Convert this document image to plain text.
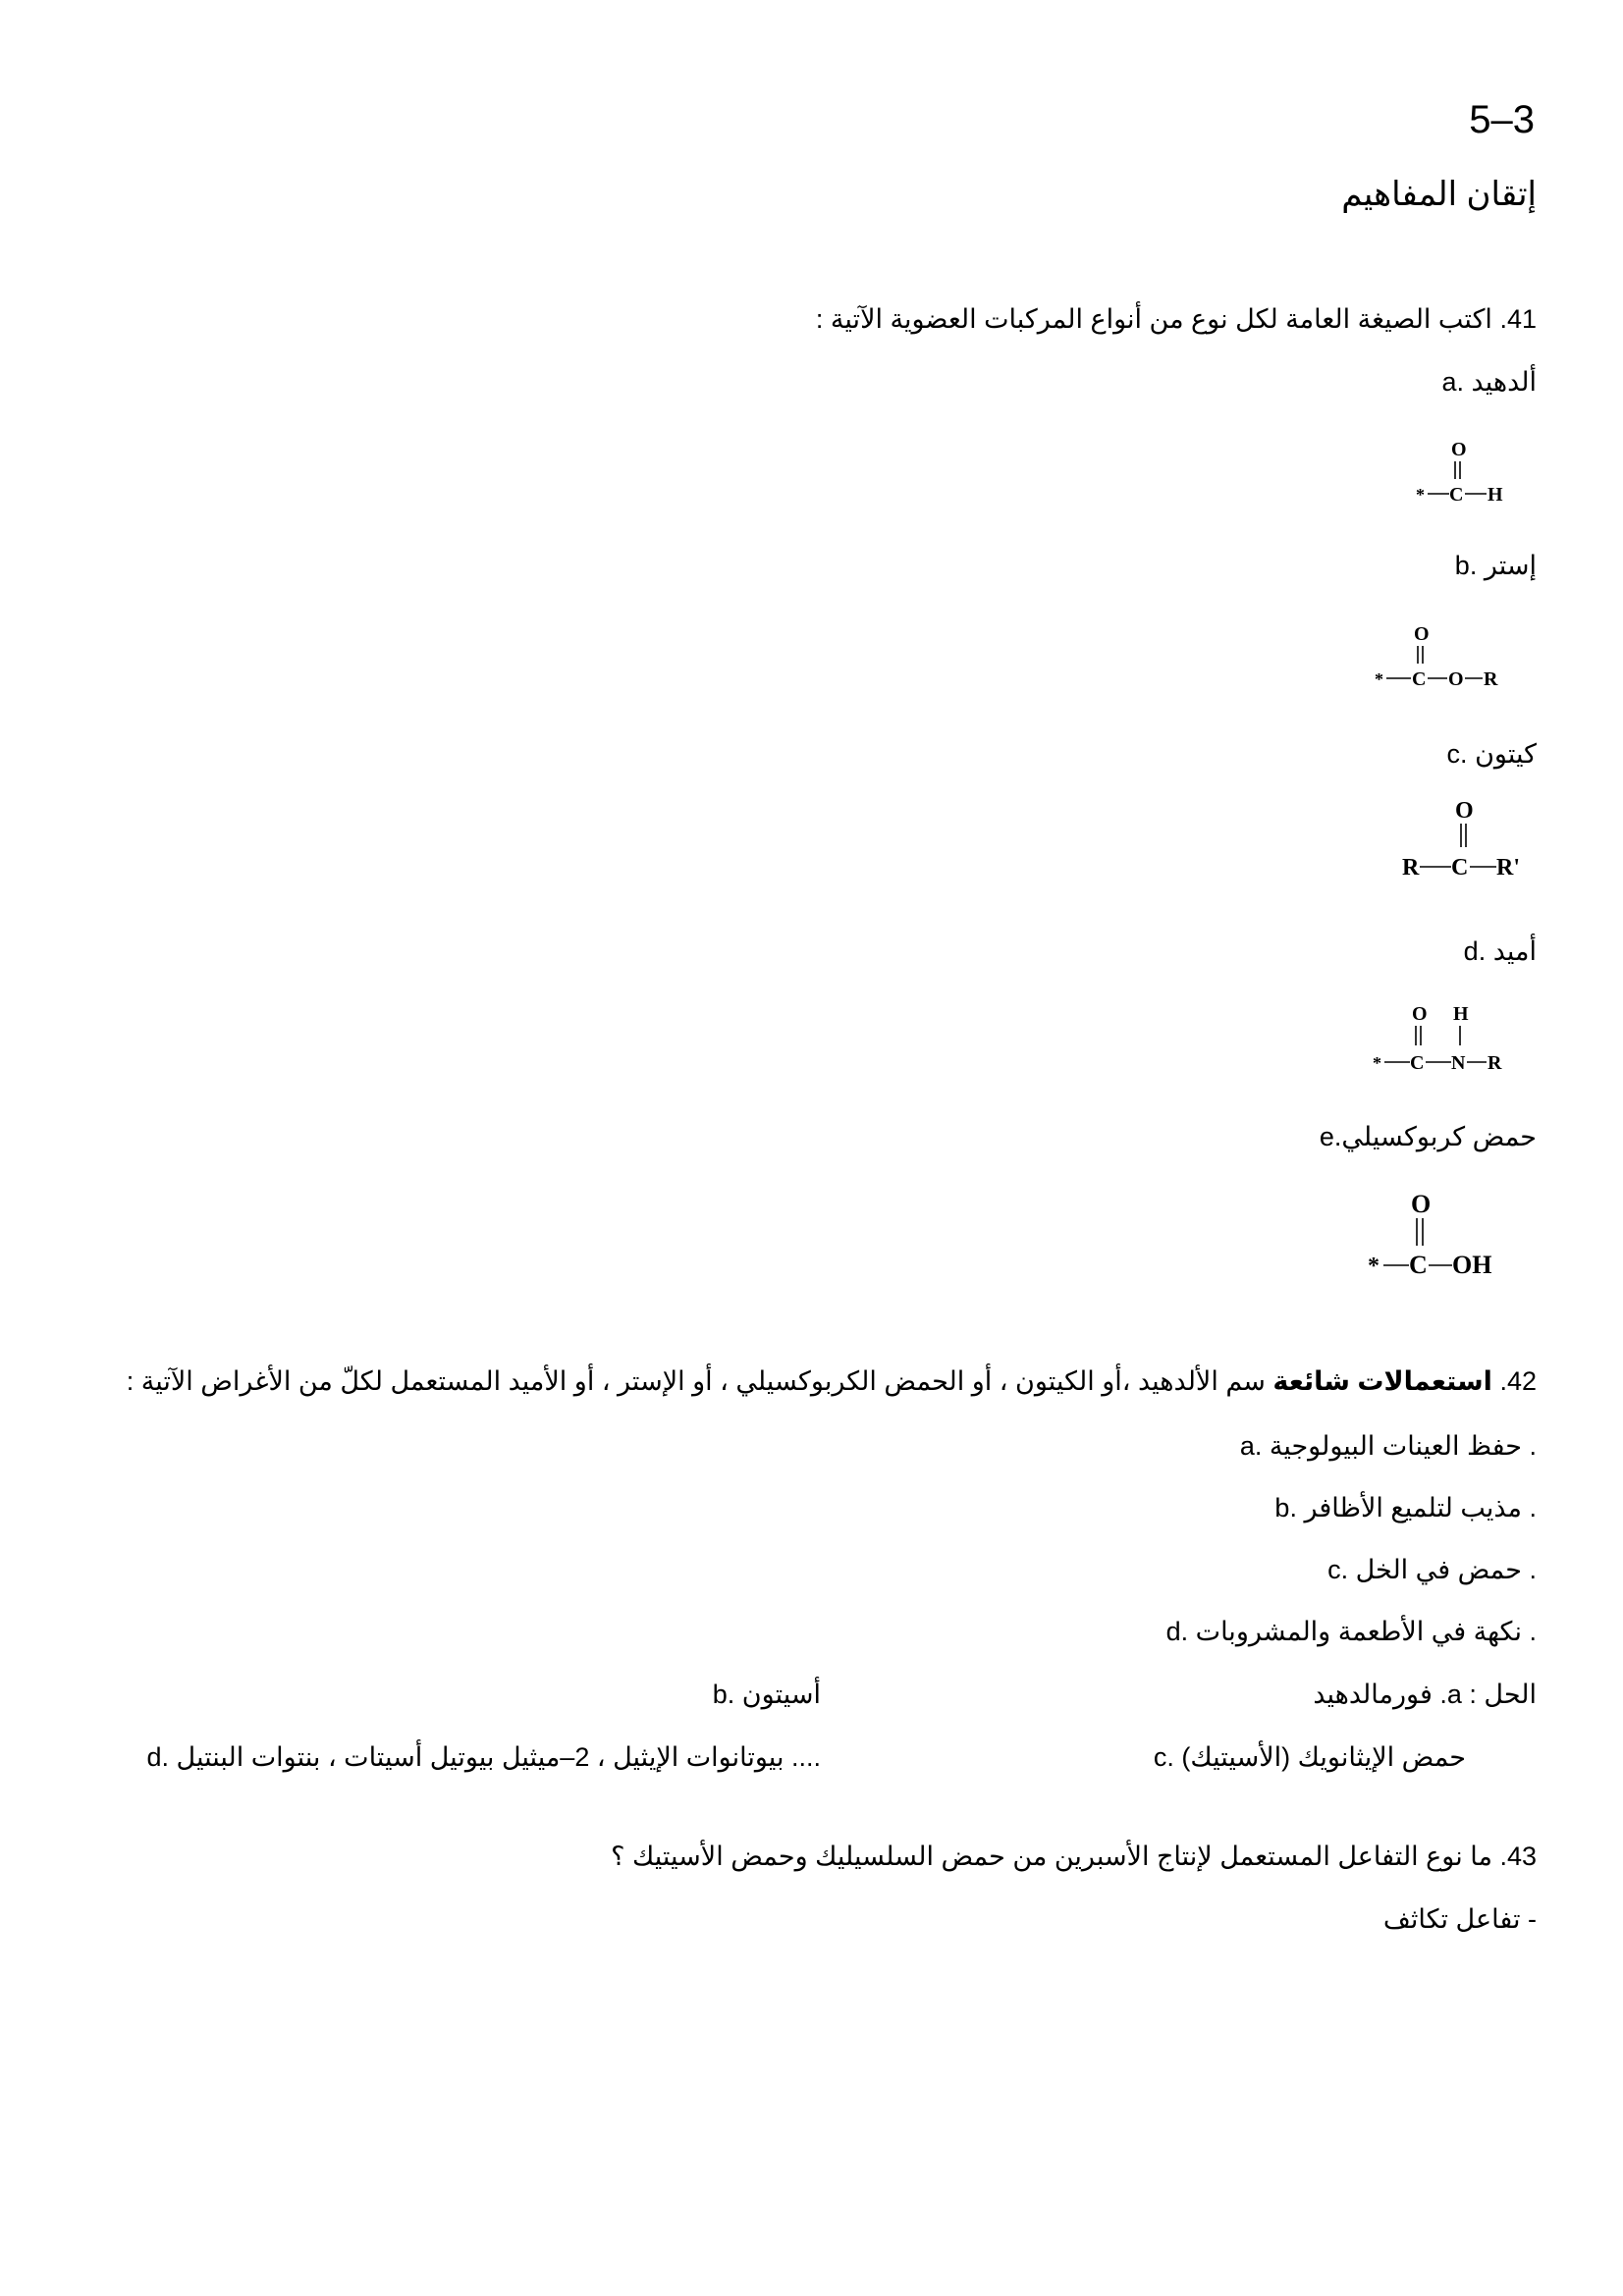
5–3
إتقان المفاهيم
41. اكتب الصيغة العامة لكل نوع من أنواع المركبات العضوية الآتية :
a. ألدهيد
O
* C H
b. إستر
O
* C O R
c. كيتون
O
R C R'
d. أميد
O H
* C N R
e.حمض كربوكسيلي
O
* C OH
42. استعمالات شائعة سم الألدهيد ،أو الكيتون ، أو الحمض الكربوكسيلي ، أو الإستر ، أو الأميد المستعمل لكلّ من الأغراض الآتية :
a. حفظ العينات البيولوجية .
b. مذيب لتلميع الأظافر .
c. حمض في الخل .
d. نكهة في الأطعمة والمشروبات .
الحل : a. فورمالدهيد
b. أسيتون
c. حمض الإيثانويك (الأسيتيك)
d. بيوتانوات الإيثيل ، 2–ميثيل بيوتيل أسيتات ، بنتوات البنتيل ....
43. ما نوع التفاعل المستعمل لإنتاج الأسبرين من حمض السلسيليك وحمض الأسيتيك ؟
- تفاعل تكاثف
